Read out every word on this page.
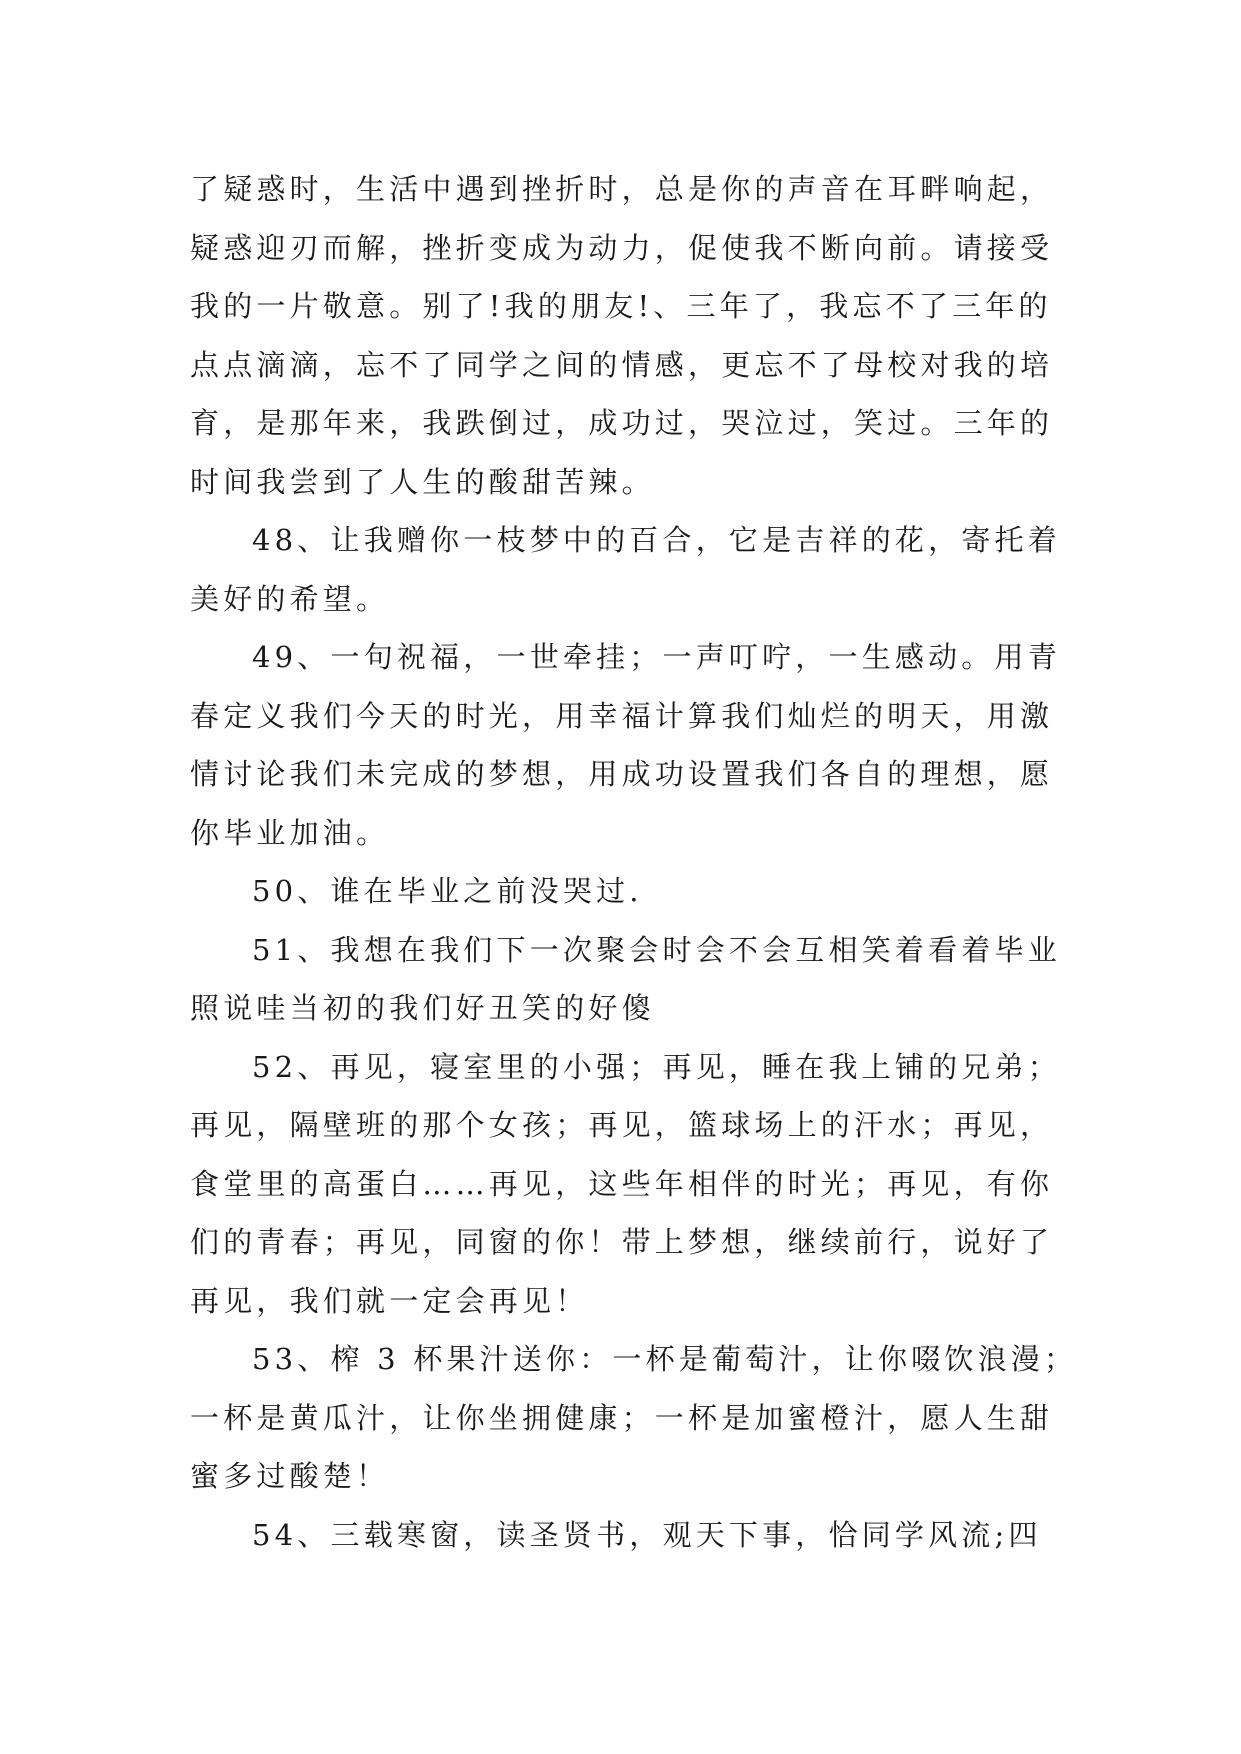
了疑惑时，生活中遇到挫折时，总是你的声音在耳畔响起，
疑惑迎刃而解，挫折变成为动力，促使我不断向前。请接受
我的一片敬意。别了!我的朋友!、三年了，我忘不了三年的
点点滴滴，忘不了同学之间的情感，更忘不了母校对我的培
育，是那年来，我跌倒过，成功过，哭泣过，笑过。三年的
时间我尝到了人生的酸甜苦辣。
48、让我赠你一枝梦中的百合，它是吉祥的花，寄托着
美好的希望。
49、一句祝福，一世牵挂；一声叮咛，一生感动。用青
春定义我们今天的时光，用幸福计算我们灿烂的明天，用激
情讨论我们未完成的梦想，用成功设置我们各自的理想，愿
你毕业加油。
50、谁在毕业之前没哭过.
51、我想在我们下一次聚会时会不会互相笑着看着毕业
照说哇当初的我们好丑笑的好傻
52、再见，寝室里的小强；再见，睡在我上铺的兄弟；
再见，隔壁班的那个女孩；再见，篮球场上的汗水；再见，
食堂里的高蛋白……再见，这些年相伴的时光；再见，有你
们的青春；再见，同窗的你！带上梦想，继续前行，说好了
再见，我们就一定会再见！
53、榨 3 杯果汁送你：一杯是葡萄汁，让你啜饮浪漫；
一杯是黄瓜汁，让你坐拥健康；一杯是加蜜橙汁，愿人生甜
蜜多过酸楚！
54、三载寒窗，读圣贤书，观天下事，恰同学风流;四
